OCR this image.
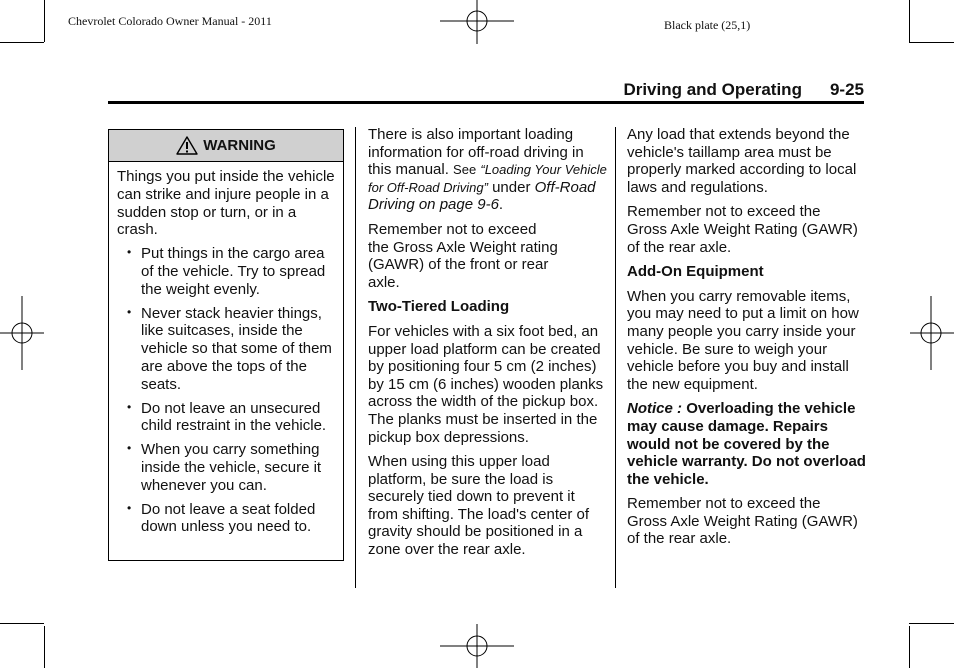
Chevrolet Colorado Owner Manual - 2011	Black plate (25,1)
Driving and Operating 9-25
WARNING

Things you put inside the vehicle can strike and injure people in a sudden stop or turn, or in a crash.

• Put things in the cargo area of the vehicle. Try to spread the weight evenly.
• Never stack heavier things, like suitcases, inside the vehicle so that some of them are above the tops of the seats.
• Do not leave an unsecured child restraint in the vehicle.
• When you carry something inside the vehicle, secure it whenever you can.
• Do not leave a seat folded down unless you need to.

There is also important loading information for off-road driving in this manual. See “Loading Your Vehicle for Off-Road Driving” under Off-Road Driving on page 9-6.

Remember not to exceed the Gross Axle Weight rating (GAWR) of the front or rear axle.

Two-Tiered Loading

For vehicles with a six foot bed, an upper load platform can be created by positioning four 5 cm (2 inches) by 15 cm (6 inches) wooden planks across the width of the pickup box. The planks must be inserted in the pickup box depressions.

When using this upper load platform, be sure the load is securely tied down to prevent it from shifting. The load's center of gravity should be positioned in a zone over the rear axle.

Any load that extends beyond the vehicle's taillamp area must be properly marked according to local laws and regulations.

Remember not to exceed the Gross Axle Weight Rating (GAWR) of the rear axle.

Add-On Equipment

When you carry removable items, you may need to put a limit on how many people you carry inside your vehicle. Be sure to weigh your vehicle before you buy and install the new equipment.

Notice : Overloading the vehicle may cause damage. Repairs would not be covered by the vehicle warranty. Do not overload the vehicle.

Remember not to exceed the Gross Axle Weight Rating (GAWR) of the rear axle.
